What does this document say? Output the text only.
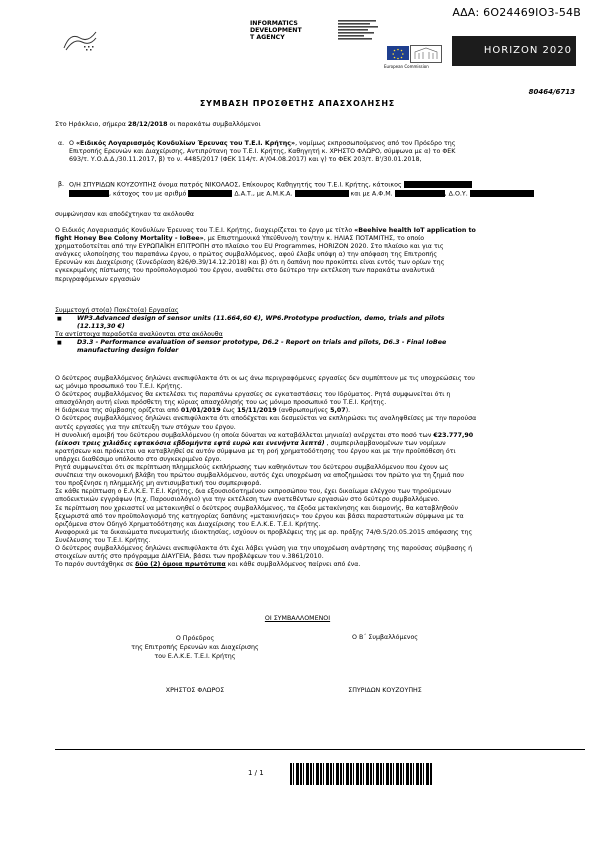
ΑΔΑ: 6Ο24469ΙΟ3-54Β
INFORMATICS
DEVELOPMENT
T AGENCY
European Commission
HORIZON 2020
80464/6713
ΣΥΜΒΑΣΗ ΠΡΟΣΘΕΤΗΣ ΑΠΑΣΧΟΛΗΣΗΣ
Στο Ηράκλειο, σήμερα 28/12/2018 οι παρακάτω συμβαλλόμενοι
α. Ο «Ειδικός Λογαριασμός Κονδυλίων Έρευνας του Τ.Ε.Ι. Κρήτης», νομίμως εκπροσωπούμενος από τον Πρόεδρο της
Επιτροπής Ερευνών και Διαχείρισης, Αντιπρύτανη του Τ.Ε.Ι. Κρήτης, Καθηγητή κ. ΧΡΗΣΤΟ ΦΛΩΡΟ, σύμφωνα με α) το ΦΕΚ
693/τ. Υ.Ο.Δ.Δ./30.11.2017, β) το ν. 4485/2017 (ΦΕΚ 114/τ. Α'/04.08.2017) και γ) το ΦΕΚ 203/τ. Β'/30.01.2018,
β. Ο/Η ΣΠΥΡΙΔΩΝ ΚΟΥΖΟΥΠΗΣ όνομα πατρός ΝΙΚΟΛΑΟΣ, Επίκουρος Καθηγητής του Τ.Ε.Ι. Κρήτης, κάτοικος
, κάτοχος του με αριθμό	Δ.Α.Τ., με Α.Μ.Κ.Α.	και με Α.Φ.Μ.	, Δ.Ο.Υ.
συμφώνησαν και αποδέχτηκαν τα ακόλουθα
Ο Ειδικός Λογαριασμός Κονδυλίων Έρευνας του Τ.Ε.Ι. Κρήτης, διαχειρίζεται το έργο με τίτλο «Beehive health IoT application to
fight Honey Bee Colony Mortality - IoBee», με Επιστημονικά Υπεύθυνο/η τον/την κ. ΗΛΙΑΣ ΠΟΤΑΜΙΤΗΣ, το οποίο
χρηματοδοτείται από την ΕΥΡΩΠΑΪΚΗ ΕΠΙΤΡΟΠΗ στο πλαίσιο του EU Programmes, HORIZON 2020. Στο πλαίσιο και για τις
ανάγκες υλοποίησης του παραπάνω έργου, ο πρώτος συμβαλλόμενος, αφού έλαβε υπόψη α) την απόφαση της Επιτροπής
Ερευνών και Διαχείρισης (Συνεδρίαση 826/Θ.39/14.12.2018) και β) ότι η δαπάνη που προκύπτει είναι εντός των ορίων της
εγκεκριμένης πίστωσης του προϋπολογισμού του έργου, αναθέτει στο δεύτερο την εκτέλεση των παρακάτω αναλυτικά
περιγραφόμενων εργασιών
Συμμετοχή στο(α) Πακέτο(α) Εργασίας
■	WP3.Advanced design of sensor units (11.664,60 €), WP6.Prototype production, demo, trials and pilots
(12.113,30 €)
Τα αντίστοιχα παραδοτέα αναλύονται στα ακόλουθα
■	D3.3 - Performance evaluation of sensor prototype, D6.2 - Report on trials and pilots, D6.3 - Final IoBee
manufacturing design folder
Ο δεύτερος συμβαλλόμενος δηλώνει ανεπιφύλακτα ότι οι ως άνω περιγραφόμενες εργασίες δεν συμπίπτουν με τις υποχρεώσεις του
ως μόνιμο προσωπικό του Τ.Ε.Ι. Κρήτης.
Ο δεύτερος συμβαλλόμενος θα εκτελέσει τις παραπάνω εργασίες σε εγκαταστάσεις του Ιδρύματος. Ρητά συμφωνείται ότι η
απασχόληση αυτή είναι πρόσθετη της κύριας απασχόλησής του ως μόνιμο προσωπικό του Τ.Ε.Ι. Κρήτης.
Η διάρκεια της σύμβασης ορίζεται από 01/01/2019 έως 15/11/2019 (ανθρωπομήνες 5,07).
Ο δεύτερος συμβαλλόμενος δηλώνει ανεπιφύλακτα ότι αποδέχεται και δεσμεύεται να εκπληρώσει τις αναληφθείσες με την παρούσα
αυτές εργασίες για την επίτευξη των στόχων του έργου.
Η συνολική αμοιβή του δεύτερου συμβαλλόμενου (η οποία δύναται να καταβάλλεται μηνιαία) ανέρχεται στο ποσό των €23.777,90
(είκοσι τρεις χιλιάδες εφτακόσια εβδομήντα εφτά ευρώ και ενενήντα λεπτά) , συμπεριλαμβανομένων των νομίμων
κρατήσεων και πρόκειται να καταβληθεί σε αυτόν σύμφωνα με τη ροή χρηματοδότησης του έργου και με την προϋπόθεση ότι
υπάρχει διαθέσιμο υπόλοιπο στο συγκεκριμένο έργο.
Ρητά συμφωνείται ότι σε περίπτωση πλημμελούς εκπλήρωσης των καθηκόντων του δεύτερου συμβαλλόμενου που έχουν ως
συνέπεια την οικονομική βλάβη του πρώτου συμβαλλόμενου, αυτός έχει υποχρέωση να αποζημιώσει τον πρώτο για τη ζημιά που
του προξένησε η πλημμελής μη αντισυμβατική του συμπεριφορά.
Σε κάθε περίπτωση ο Ε.Λ.Κ.Ε. Τ.Ε.Ι. Κρήτης, δια εξουσιοδοτημένου εκπροσώπου του, έχει δικαίωμα ελέγχου των τηρούμενων
αποδεικτικών εγγράφων (π.χ. Παρουσιολόγιο) για την εκτέλεση των ανατεθέντων εργασιών στο δεύτερο συμβαλλόμενο.
Σε περίπτωση που χρειαστεί να μετακινηθεί ο δεύτερος συμβαλλόμενος, τα έξοδα μετακίνησης και διαμονής, θα καταβληθούν
ξεχωριστά από τον προϋπολογισμό της κατηγορίας δαπάνης «μετακινήσεις» του έργου και βάσει παραστατικών σύμφωνα με τα
οριζόμενα στον Οδηγό Χρηματοδότησης και Διαχείρισης του Ε.Λ.Κ.Ε. Τ.Ε.Ι. Κρήτης.
Αναφορικά με τα δικαιώματα πνευματικής ιδιοκτησίας, ισχύουν οι προβλέψεις της με αρ. πράξης 74/Θ.5/20.05.2015 απόφασης της
Συνέλευσης του Τ.Ε.Ι. Κρήτης.
Ο δεύτερος συμβαλλόμενος δηλώνει ανεπιφύλακτα ότι έχει λάβει γνώση για την υποχρέωση ανάρτησης της παρούσας σύμβασης ή
στοιχείων αυτής στο πρόγραμμα ΔΙΑΥΓΕΙΑ, βάσει των προβλέψεων του ν.3861/2010.
Το παρόν συντάχθηκε σε δύο (2) όμοια πρωτότυπα και κάθε συμβαλλόμενος παίρνει από ένα.
ΟΙ ΣΥΜΒΑΛΛΟΜΕΝΟΙ
Ο Πρόεδρος
της Επιτροπής Ερευνών και Διαχείρισης
του Ε.Λ.Κ.Ε. Τ.Ε.Ι. Κρήτης
Ο Β΄ Συμβαλλόμενος
ΧΡΗΣΤΟΣ ΦΛΩΡΟΣ	ΣΠΥΡΙΔΩΝ ΚΟΥΖΟΥΠΗΣ
1 / 1
